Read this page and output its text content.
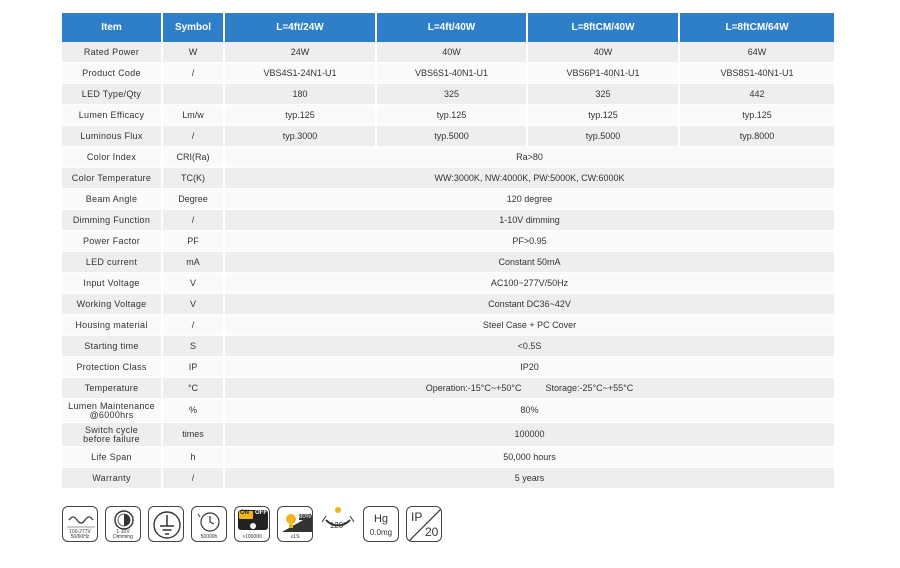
Item	Symbol	L=4ft/24W	L=4ft/40W	L=8ftCM/40W	L=8ftCM/64W
Rated Power	W	24W	40W	40W	64W
Product Code	/	VBS4S1-24N1-U1	VBS6S1-40N1-U1	VBS6P1-40N1-U1	VBS8S1-40N1-U1
LED Type/Qty		180	325	325	442
Lumen Efficacy	Lm/w	typ.125	typ.125	typ.125	typ.125
Luminous Flux	/	typ.3000	typ.5000	typ.5000	typ.8000
Color Index	CRI(Ra)	Ra>80			
Color Temperature	TC(K)	WW:3000K, NW:4000K, PW:5000K, CW:6000K			
Beam Angle	Degree	120 degree			
Dimming Function	/	1-10V dimming			
Power Factor	PF	PF>0.95			
LED current	mA	Constant 50mA			
Input Voltage	V	AC100~277V/50Hz			
Working Voltage	V	Constant DC36~42V			
Housing material	/	Steel Case + PC Cover			
Starting time	S	<0.5S			
Protection Class	IP	IP20			
Temperature	°C	Operation:-15°C~+50°C Storage:-25°C~+55°C			

Lumen Maintenance
@6000hrs	%	80%			

Switch cycle
before failure	times	100000			
Life Span	h	50,000 hours			
Warranty	/	5 years			
100-277V
50/60Hz
1-10V
Dimming	50000h
ON OFF
>100000
80%
≤1S
120°
Hg
0.0mg
IP
20
